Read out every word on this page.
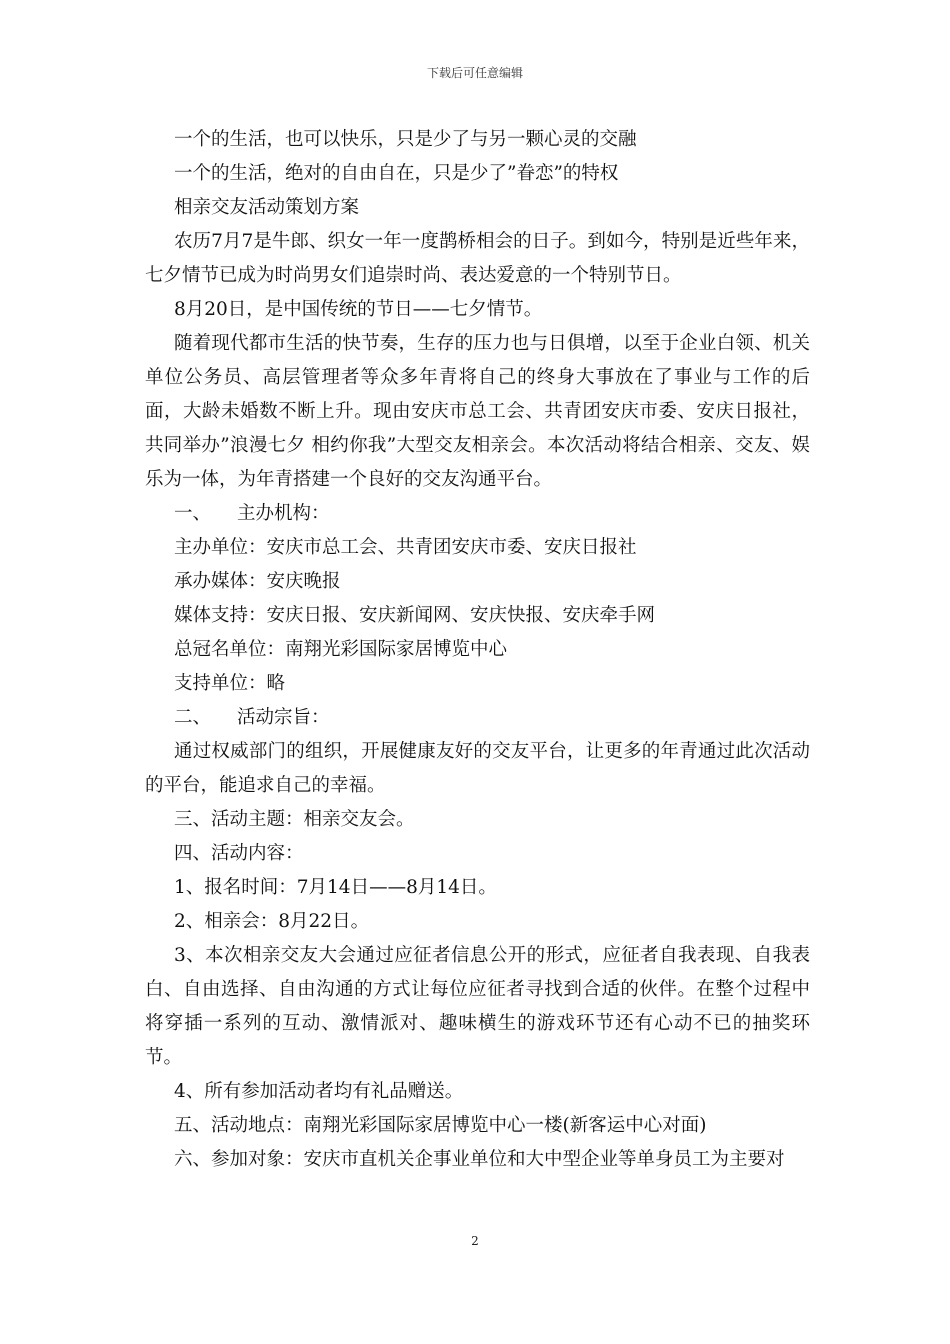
下载后可任意编辑

一个的生活，也可以快乐，只是少了与另一颗心灵的交融

一个的生活，绝对的自由自在，只是少了”眷恋”的特权

相亲交友活动策划方案

农历7月7是牛郎、织女一年一度鹊桥相会的日子。到如今，特别是近些年来，七夕情节已成为时尚男女们追崇时尚、表达爱意的一个特别节日。

8月20日，是中国传统的节日——七夕情节。

随着现代都市生活的快节奏，生存的压力也与日俱增，以至于企业白领、机关单位公务员、高层管理者等众多年青将自己的终身大事放在了事业与工作的后面，大龄未婚数不断上升。现由安庆市总工会、共青团安庆市委、安庆日报社，共同举办”浪漫七夕 相约你我”大型交友相亲会。本次活动将结合相亲、交友、娱乐为一体，为年青搭建一个良好的交友沟通平台。

一、 主办机构：

主办单位：安庆市总工会、共青团安庆市委、安庆日报社

承办媒体：安庆晚报

媒体支持：安庆日报、安庆新闻网、安庆快报、安庆牵手网

总冠名单位：南翔光彩国际家居博览中心

支持单位：略

二、 活动宗旨：

通过权威部门的组织，开展健康友好的交友平台，让更多的年青通过此次活动的平台，能追求自己的幸福。

三、活动主题：相亲交友会。

四、活动内容：

1、报名时间：7月14日——8月14日。

2、相亲会：8月22日。

3、本次相亲交友大会通过应征者信息公开的形式，应征者自我表现、自我表白、自由选择、自由沟通的方式让每位应征者寻找到合适的伙伴。在整个过程中将穿插一系列的互动、激情派对、趣味横生的游戏环节还有心动不已的抽奖环节。

4、所有参加活动者均有礼品赠送。

五、活动地点：南翔光彩国际家居博览中心一楼(新客运中心对面)

六、参加对象：安庆市直机关企事业单位和大中型企业等单身员工为主要对

2
